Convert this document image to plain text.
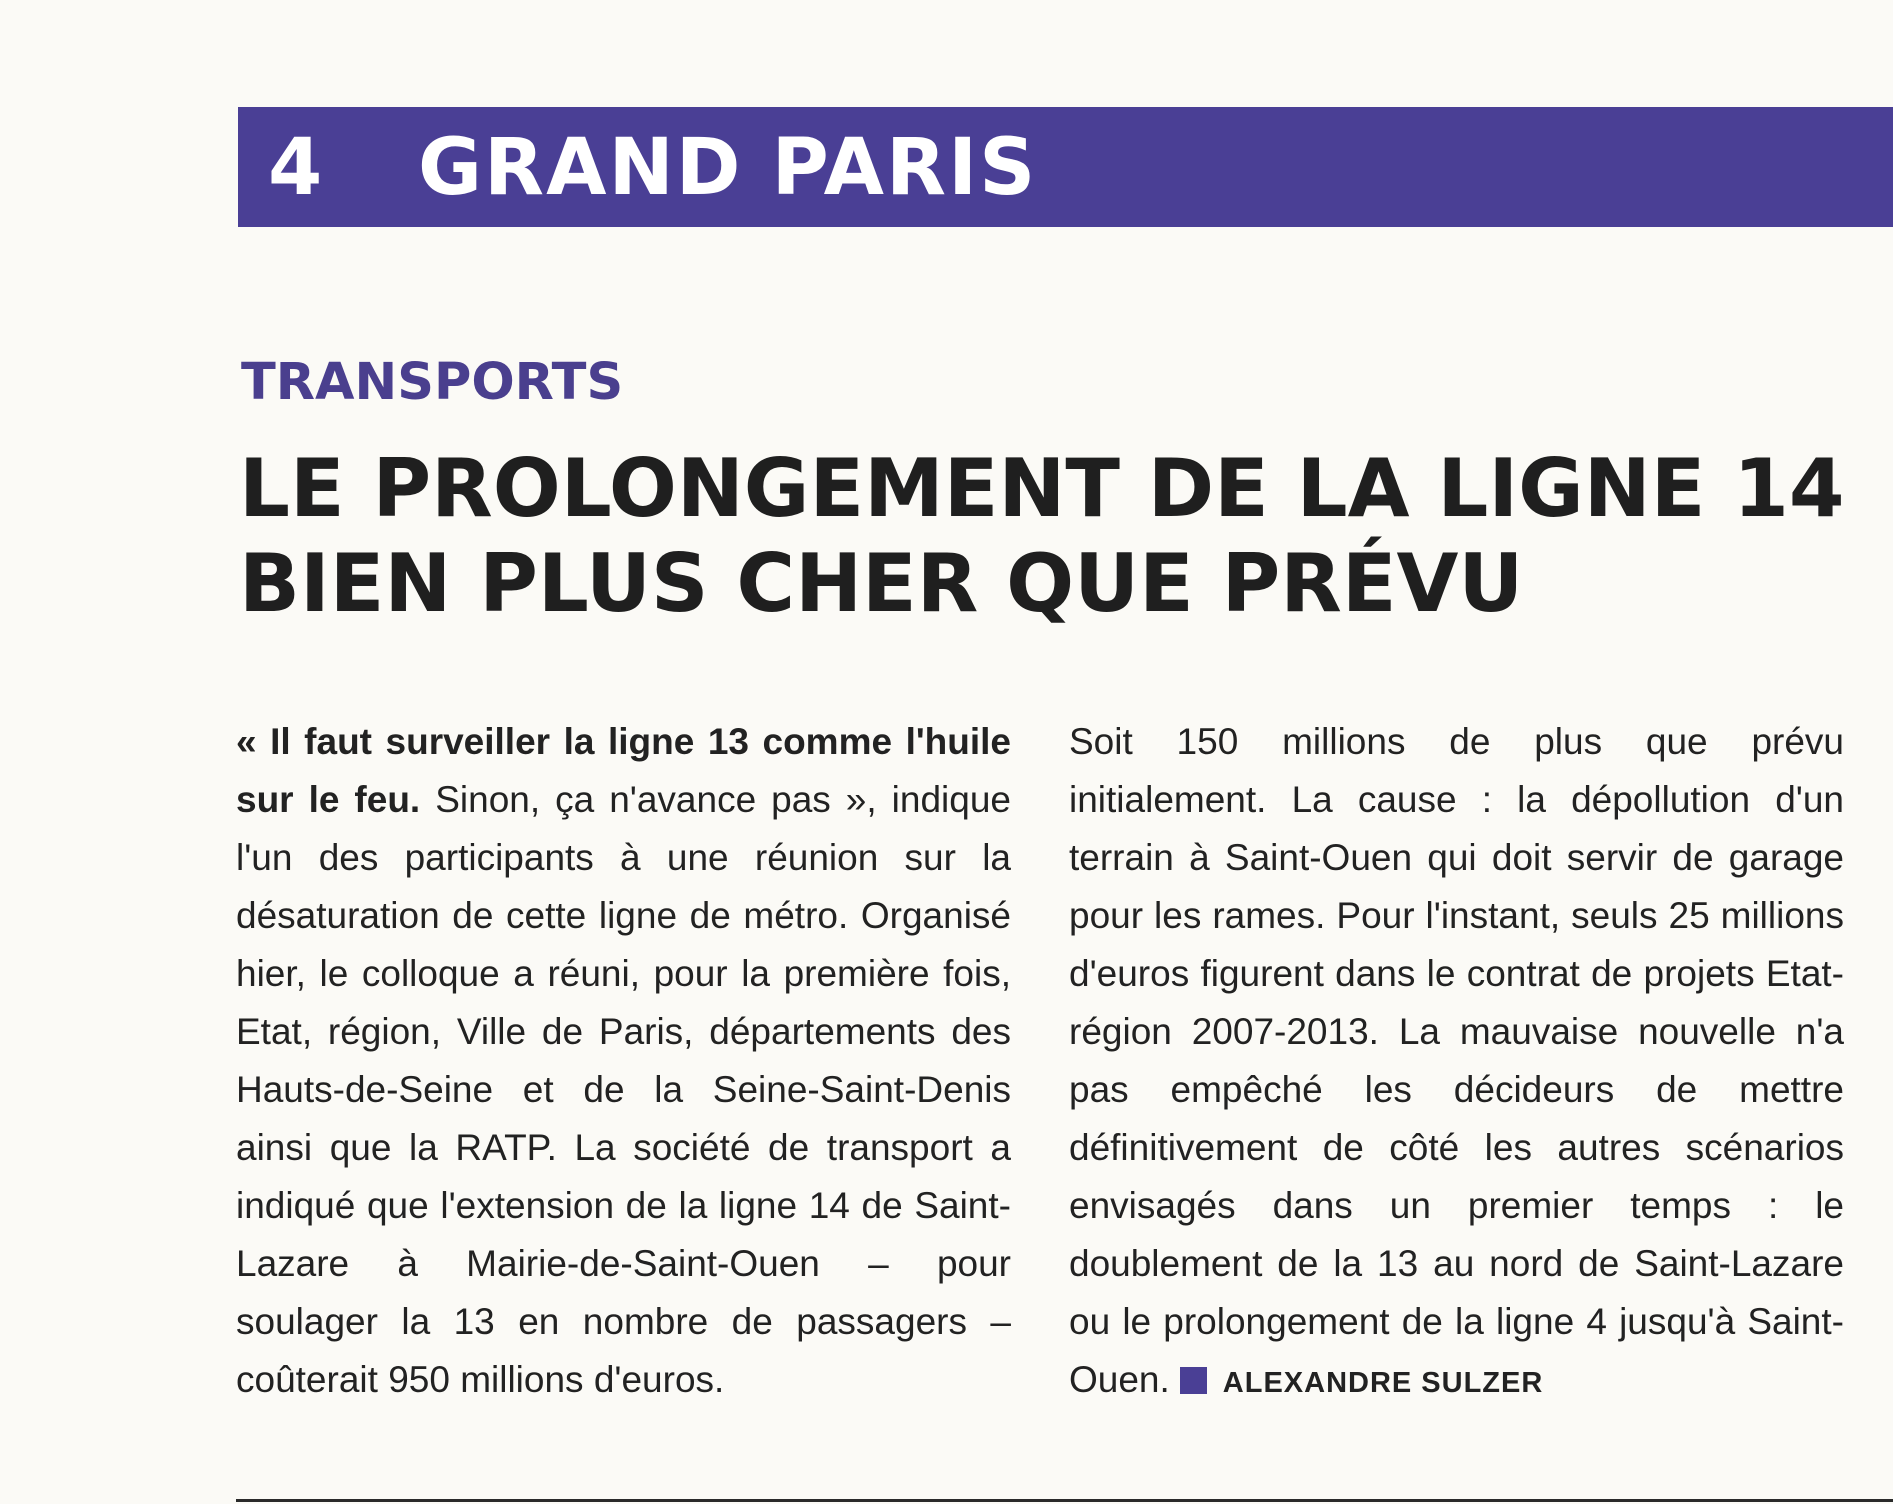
4 GRAND PARIS
TRANSPORTS
LE PROLONGEMENT DE LA LIGNE 14
BIEN PLUS CHER QUE PRÉVU
« Il faut surveiller la ligne 13 comme l'huile sur le feu. Sinon, ça n'avance pas », indique l'un des participants à une réunion sur la désaturation de cette ligne de métro. Organisé hier, le colloque a réuni, pour la première fois, Etat, région, Ville de Paris, départements des Hauts-de-Seine et de la Seine-Saint-Denis ainsi que la RATP. La société de transport a indiqué que l'extension de la ligne 14 de Saint-Lazare à Mairie-de-Saint-Ouen – pour soulager la 13 en nombre de passagers – coûterait 950 millions d'euros.
Soit 150 millions de plus que prévu initialement. La cause : la dépollution d'un terrain à Saint-Ouen qui doit servir de garage pour les rames. Pour l'instant, seuls 25 millions d'euros figurent dans le contrat de projets Etat-région 2007-2013. La mauvaise nouvelle n'a pas empêché les décideurs de mettre définitivement de côté les autres scénarios envisagés dans un premier temps : le doublement de la 13 au nord de Saint-Lazare ou le prolongement de la ligne 4 jusqu'à Saint-Ouen. ALEXANDRE SULZER
